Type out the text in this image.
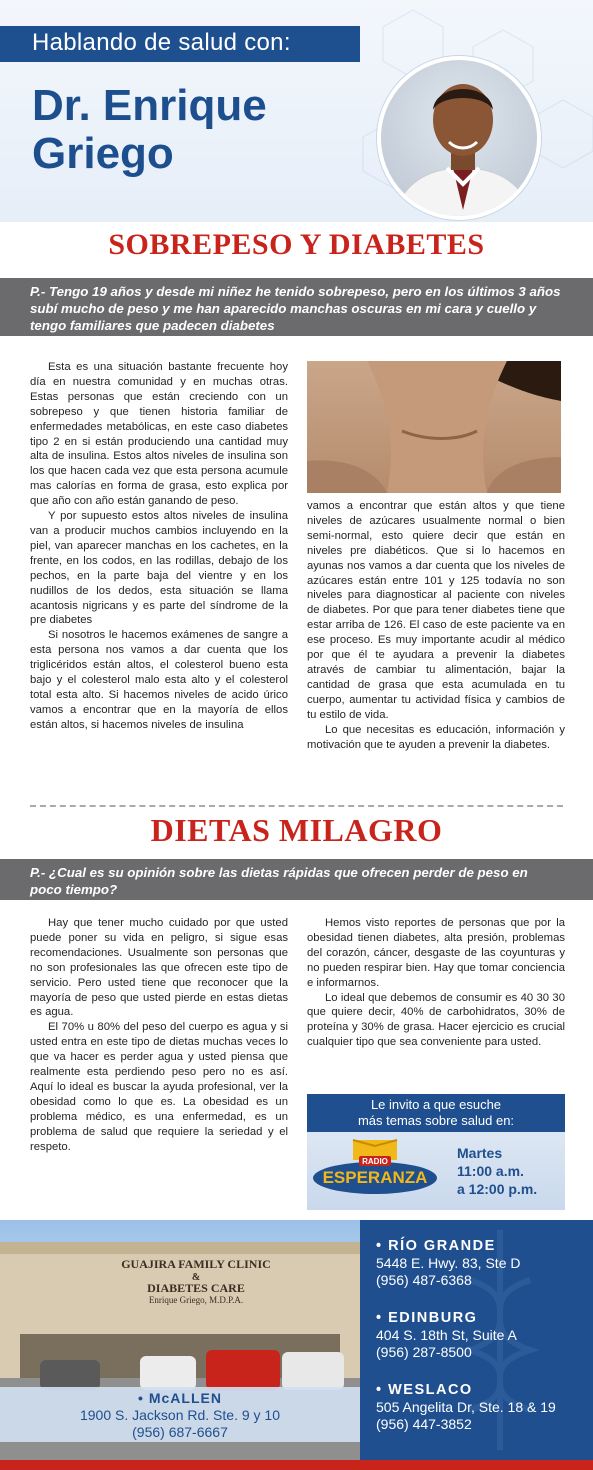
Hablando de salud con:
Dr. Enrique
Griego
SOBREPESO Y DIABETES
P.- Tengo 19 años y desde mi niñez he tenido sobrepeso, pero en los últimos 3 años subí mucho de peso y me han aparecido manchas oscuras en mi cara y cuello y tengo familiares que padecen diabetes

Esta es una situación bastante frecuente hoy día en nuestra comunidad y en muchas otras. Estas personas que están creciendo con un sobrepeso y que tienen historia familiar de enfermedades metabólicas, en este caso diabetes tipo 2 en si están produciendo una cantidad muy alta de insulina. Estos altos niveles de insulina son los que hacen cada vez que esta persona acumule mas calorías en forma de grasa, esto explica por que año con año están ganando de peso.

Y por supuesto estos altos niveles de insulina van a producir muchos cambios incluyendo en la piel, van aparecer manchas en los cachetes, en la frente, en los codos, en las rodillas, debajo de los pechos, en la parte baja del vientre y en los nudillos de los dedos, esta situación se llama acantosis nigricans y es parte del síndrome de la pre diabetes

Si nosotros le hacemos exámenes de sangre a esta persona nos vamos a dar cuenta que los triglicéridos están altos, el colesterol bueno esta bajo y el colesterol malo esta alto y el colesterol total esta alto. Si hacemos niveles de acido úrico vamos a encontrar que en la mayoría de ellos están altos, si hacemos niveles de insulina

vamos a encontrar que están altos y que tiene niveles de azúcares usualmente normal o bien semi-normal, esto quiere decir que están en niveles pre diabéticos. Que si lo hacemos en ayunas nos vamos a dar cuenta que los niveles de azúcares están entre 101 y 125 todavía no son niveles para diagnosticar al paciente con niveles de diabetes. Por que para tener diabetes tiene que estar arriba de 126. El caso de este paciente va en ese proceso. Es muy importante acudir al médico por que él te ayudara a prevenir la diabetes através de cambiar tu alimentación, bajar la cantidad de grasa que esta acumulada en tu cuerpo, aumentar tu actividad física y cambios de tu estilo de vida.

Lo que necesitas es educación, información y motivación que te ayuden a prevenir la diabetes.

DIETAS MILAGRO
P.- ¿Cual es su opinión sobre las dietas rápidas que ofrecen perder de peso en poco tiempo?

Hay que tener mucho cuidado por que usted puede poner su vida en peligro, si sigue esas recomendaciones. Usualmente son personas que no son profesionales las que ofrecen este tipo de servicio. Pero usted tiene que reconocer que la mayoría de peso que usted pierde en estas dietas es agua.

El 70% u 80% del peso del cuerpo es agua y si usted entra en este tipo de dietas muchas veces lo que va hacer es perder agua y usted piensa que realmente esta perdiendo peso pero no es así. Aquí lo ideal es buscar la ayuda profesional, ver la obesidad como lo que es. La obesidad es un problema médico, es una enfermedad, es un problema de salud que requiere la seriedad y el respeto.

Hemos visto reportes de personas que por la obesidad tienen diabetes, alta presión, problemas del corazón, cáncer, desgaste de las coyunturas y no pueden respirar bien. Hay que tomar conciencia e informarnos.

Lo ideal que debemos de consumir es 40 30 30 que quiere decir, 40% de carbohidratos, 30% de proteína y 30% de grasa. Hacer ejercicio es crucial cualquier tipo que sea conveniente para usted.

Le invito a que esuche
más temas sobre salud en:
RADIO
ESPERANZA
Martes
11:00 a.m.
a 12:00 p.m.
GUAJIRA FAMILY CLINIC
&
DIABETES CARE
Enrique Griego, M.D.P.A.
• McALLEN
1900 S. Jackson Rd. Ste. 9 y 10
(956) 687-6667
• RÍO GRANDE
5448 E. Hwy. 83, Ste D
(956) 487-6368
• EDINBURG
404 S. 18th St, Suite A
(956) 287-8500
• WESLACO
505 Angelita Dr, Ste. 18 & 19
(956) 447-3852
